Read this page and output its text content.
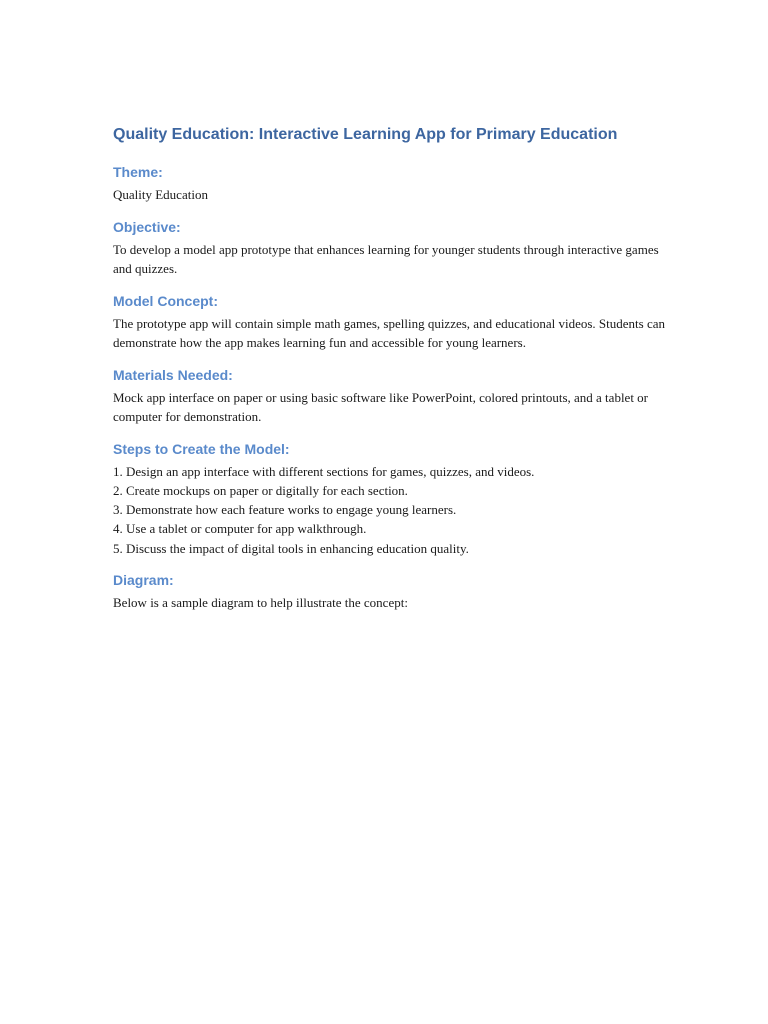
Quality Education: Interactive Learning App for Primary Education
Theme:

Quality Education

Objective:

To develop a model app prototype that enhances learning for younger students through interactive games and quizzes.

Model Concept:

The prototype app will contain simple math games, spelling quizzes, and educational videos. Students can demonstrate how the app makes learning fun and accessible for young learners.

Materials Needed:

Mock app interface on paper or using basic software like PowerPoint, colored printouts, and a tablet or computer for demonstration.

Steps to Create the Model:
1. Design an app interface with different sections for games, quizzes, and videos.
2. Create mockups on paper or digitally for each section.
3. Demonstrate how each feature works to engage young learners.
4. Use a tablet or computer for app walkthrough.
5. Discuss the impact of digital tools in enhancing education quality.
Diagram:

Below is a sample diagram to help illustrate the concept:
